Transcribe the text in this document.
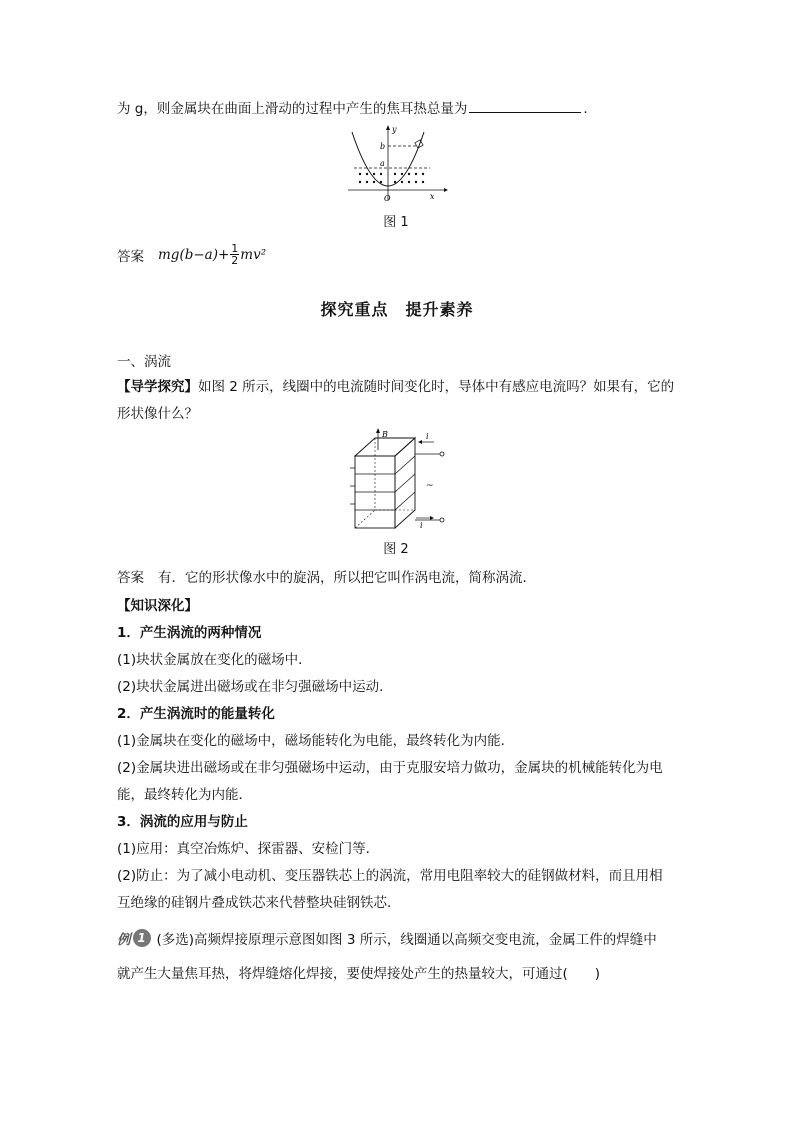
为 g，则金属块在曲面上滑动的过程中产生的焦耳热总量为	.
y
x
O
b
a
图 1
答案 $mg(b-a)+ \frac{1}{2} mv^2$
探究重点　提升素养
一、涡流
【导学探究】如图 2 所示，线圈中的电流随时间变化时，导体中有感应电流吗？如果有，它的
形状像什么？
B	i
i
~
图 2
答案 有．它的形状像水中的旋涡，所以把它叫作涡电流，简称涡流．
【知识深化】
1．产生涡流的两种情况
(1)块状金属放在变化的磁场中．
(2)块状金属进出磁场或在非匀强磁场中运动．
2．产生涡流时的能量转化
(1)金属块在变化的磁场中，磁场能转化为电能，最终转化为内能．
(2)金属块进出磁场或在非匀强磁场中运动，由于克服安培力做功，金属块的机械能转化为电
能，最终转化为内能．
3．涡流的应用与防止
(1)应用：真空冶炼炉、探雷器、安检门等．
(2)防止：为了减小电动机、变压器铁芯上的涡流，常用电阻率较大的硅钢做材料，而且用相
互绝缘的硅钢片叠成铁芯来代替整块硅钢铁芯．
例 1 (多选)高频焊接原理示意图如图 3 所示，线圈通以高频交变电流，金属工件的焊缝中
就产生大量焦耳热，将焊缝熔化焊接，要使焊接处产生的热量较大，可通过(　　)
